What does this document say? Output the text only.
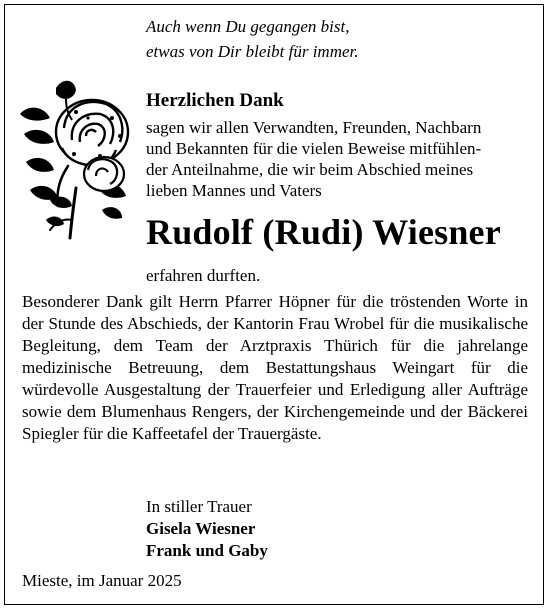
Auch wenn Du gegangen bist,
etwas von Dir bleibt für immer.
Herzlichen Dank
sagen wir allen Verwandten, Freunden, Nachbarn
und Bekannten für die vielen Beweise mitfühlen-
der Anteilnahme, die wir beim Abschied meines
lieben Mannes und Vaters
Rudolf (Rudi) Wiesner
erfahren durften.
Besonderer Dank gilt Herrn Pfarrer Höpner für die tröstenden Worte in der Stunde des Abschieds, der Kantorin Frau Wrobel für die musikalische Begleitung, dem Team der Arztpraxis Thürich für die jahrelange medizinische Betreuung, dem Bestattungshaus Weingart für die würdevolle Ausgestaltung der Trauerfeier und Erledigung aller Aufträge sowie dem Blumenhaus Rengers, der Kirchengemeinde und der Bäckerei Spiegler für die Kaffeetafel der Trauergäste.
In stiller Trauer
Gisela Wiesner
Frank und Gaby
Mieste, im Januar 2025
